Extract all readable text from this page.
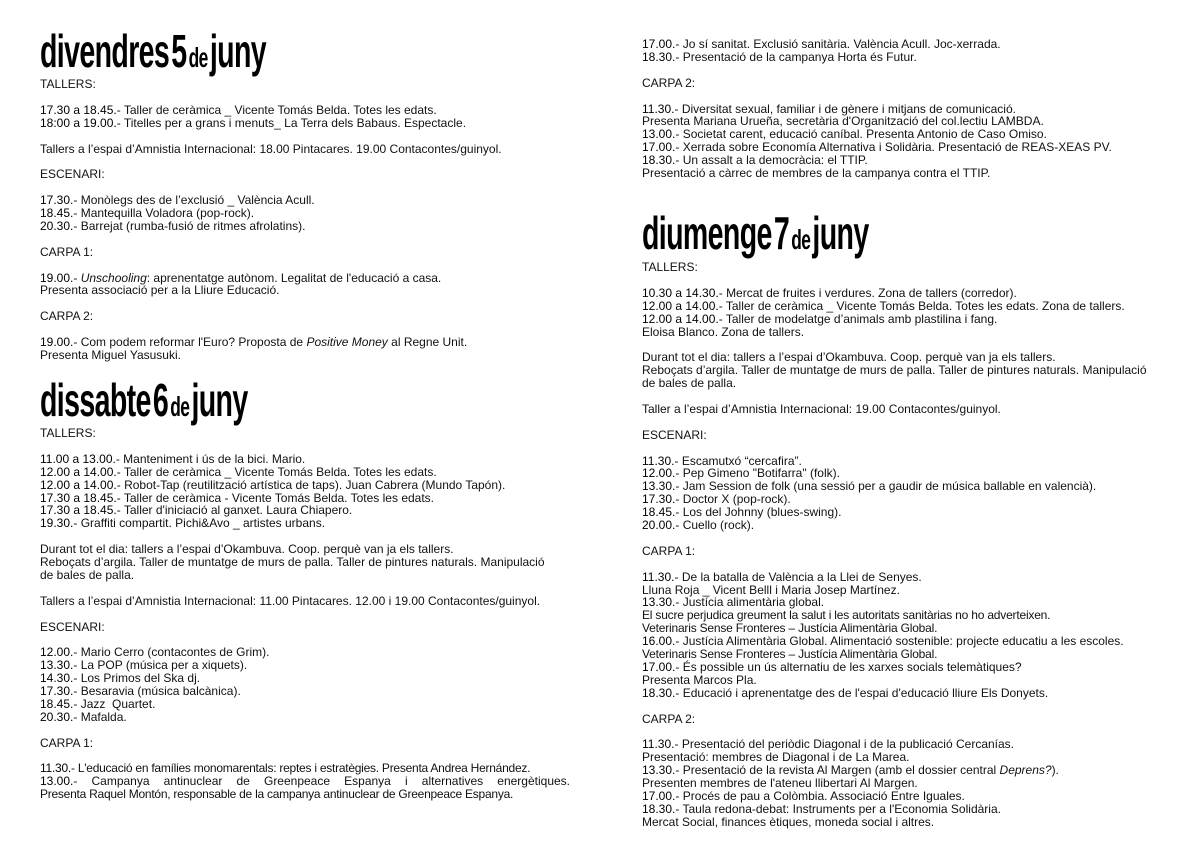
divendres 5 de juny

TALLERS:

17.30 a 18.45.- Taller de ceràmica _ Vicente Tomás Belda. Totes les edats.

18:00 a 19.00.- Titelles per a grans i menuts_ La Terra dels Babaus. Espectacle.

Tallers a l’espai d’Amnistia Internacional: 18.00 Pintacares. 19.00 Contacontes/guinyol.

ESCENARI:

17.30.- Monòlegs des de l’exclusió _ València Acull.

18.45.- Mantequilla Voladora (pop-rock).

20.30.- Barrejat (rumba-fusió de ritmes afrolatins).

CARPA 1:

19.00.- Unschooling: aprenentatge autònom. Legalitat de l'educació a casa.

Presenta associació per a la Lliure Educació.

CARPA 2:

19.00.- Com podem reformar l'Euro? Proposta de Positive Money al Regne Unit.

Presenta Miguel Yasusuki.

dissabte 6 de juny

TALLERS:

11.00 a 13.00.- Manteniment i ús de la bici. Mario.

12.00 a 14.00.- Taller de ceràmica _ Vicente Tomás Belda. Totes les edats.

12.00 a 14.00.- Robot-Tap (reutilització artística de taps). Juan Cabrera (Mundo Tapón).

17.30 a 18.45.- Taller de ceràmica - Vicente Tomás Belda. Totes les edats.

17.30 a 18.45.- Taller d'iniciació al ganxet. Laura Chiapero.

19.30.- Graffiti compartit. Pichi&Avo _ artistes urbans.

Durant tot el dia: tallers a l’espai d’Okambuva. Coop. perquè van ja els tallers.

Reboçats d’argila. Taller de muntatge de murs de palla. Taller de pintures naturals. Manipulació

de bales de palla.

Tallers a l’espai d’Amnistia Internacional: 11.00 Pintacares. 12.00 i 19.00 Contacontes/guinyol.

ESCENARI:

12.00.- Mario Cerro (contacontes de Grim).

13.30.- La POP (música per a xiquets).

14.30.- Los Primos del Ska dj.

17.30.- Besaravia (música balcànica).

18.45.- Jazz  Quartet.

20.30.- Mafalda.

CARPA 1:

11.30.- L'educació en famílies monomarentals: reptes i estratègies. Presenta Andrea Hernández.

13.00.- Campanya antinuclear de Greenpeace Espanya i alternatives energètiques.

Presenta Raquel Montón, responsable de la campanya antinuclear de Greenpeace Espanya.

17.00.- Jo sí sanitat. Exclusió sanitària. València Acull. Joc-xerrada.

18.30.- Presentació de la campanya Horta és Futur.

CARPA 2:

11.30.- Diversitat sexual, familiar i de gènere i mitjans de comunicació.

Presenta Mariana Urueña, secretària d'Organització del col.lectiu LAMBDA.

13.00.- Societat carent, educació caníbal. Presenta Antonio de Caso Omiso.

17.00.- Xerrada sobre Economía Alternativa i Solidària. Presentació de REAS-XEAS PV.

18.30.- Un assalt a la democràcia: el TTIP.

Presentació a càrrec de membres de la campanya contra el TTIP.

diumenge 7 de juny

TALLERS:

10.30 a 14.30.- Mercat de fruites i verdures. Zona de tallers (corredor).

12.00 a 14.00.- Taller de ceràmica _ Vicente Tomás Belda. Totes les edats. Zona de tallers.

12.00 a 14.00.- Taller de modelatge d’animals amb plastilina i fang.

Eloisa Blanco. Zona de tallers.

Durant tot el dia: tallers a l’espai d’Okambuva. Coop. perquè van ja els tallers.

Reboçats d’argila. Taller de muntatge de murs de palla. Taller de pintures naturals. Manipulació

de bales de palla.

Taller a l’espai d’Amnistia Internacional: 19.00 Contacontes/guinyol.

ESCENARI:

11.30.- Escamutxó “cercafira”.

12.00.- Pep Gimeno "Botifarra" (folk).

13.30.- Jam Session de folk (una sessió per a gaudir de música ballable en valencià).

17.30.- Doctor X (pop-rock).

18.45.- Los del Johnny (blues-swing).

20.00.- Cuello (rock).

CARPA 1:

11.30.- De la batalla de València a la Llei de Senyes.

Lluna Roja _ Vicent Belll i Maria Josep Martínez.

13.30.- Justícia alimentària global.

El sucre perjudica greument la salut i les autoritats sanitàrias no ho adverteixen.

Veterinaris Sense Fronteres – Justícia Alimentària Global.

16.00.- Justícia Alimentària Global. Alimentació sostenible: projecte educatiu a les escoles.

Veterinaris Sense Fronteres – Justícia Alimentària Global.

17.00.- És possible un ús alternatiu de les xarxes socials telemàtiques?

Presenta Marcos Pla.

18.30.- Educació i aprenentatge des de l'espai d'educació lliure Els Donyets.

CARPA 2:

11.30.- Presentació del periòdic Diagonal i de la publicació Cercanías.

Presentació: membres de Diagonal i de La Marea.

13.30.- Presentació de la revista Al Margen (amb el dossier central Deprens?).

Presenten membres de l'ateneu llibertari Al Margen.

17.00.- Procés de pau a Colòmbia. Associació Entre Iguales.

18.30.- Taula redona-debat: Instruments per a l'Economia Solidària.

Mercat Social, finances ètiques, moneda social i altres.
